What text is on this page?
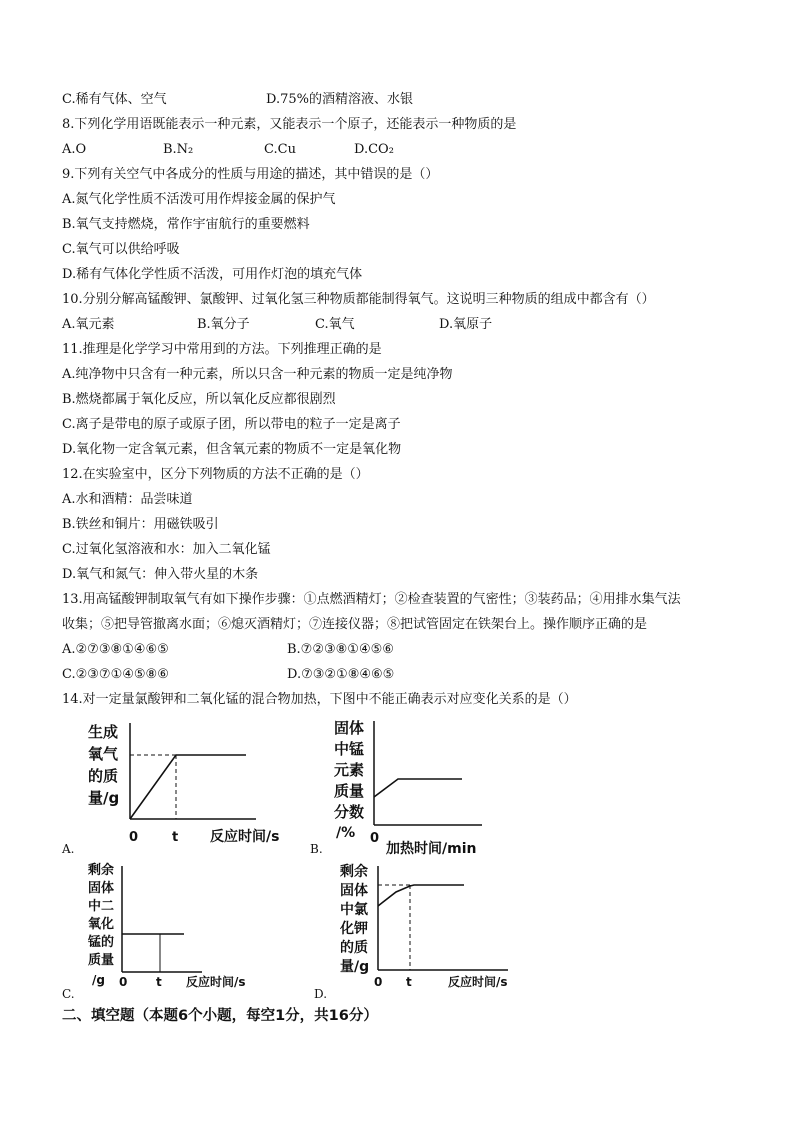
C.稀有气体、空气	D.75%的酒精溶液、水银
8.下列化学用语既能表示一种元素，又能表示一个原子，还能表示一种物质的是
A.O	B.N₂	C.Cu	D.CO₂
9.下列有关空气中各成分的性质与用途的描述，其中错误的是（）
A.氮气化学性质不活泼可用作焊接金属的保护气
B.氧气支持燃烧，常作宇宙航行的重要燃料
C.氧气可以供给呼吸
D.稀有气体化学性质不活泼，可用作灯泡的填充气体
10.分别分解高锰酸钾、氯酸钾、过氧化氢三种物质都能制得氧气。这说明三种物质的组成中都含有（）
A.氧元素	B.氧分子	C.氧气	D.氧原子
11.推理是化学学习中常用到的方法。下列推理正确的是
A.纯净物中只含有一种元素，所以只含一种元素的物质一定是纯净物
B.燃烧都属于氧化反应，所以氧化反应都很剧烈
C.离子是带电的原子或原子团，所以带电的粒子一定是离子
D.氧化物一定含氧元素，但含氧元素的物质不一定是氧化物
12.在实验室中，区分下列物质的方法不正确的是（）
A.水和酒精：品尝味道
B.铁丝和铜片：用磁铁吸引
C.过氧化氢溶液和水：加入二氧化锰
D.氧气和氮气：伸入带火星的木条
13.用高锰酸钾制取氧气有如下操作步骤：①点燃酒精灯；②检查装置的气密性；③装药品；④用排水集气法
收集；⑤把导管撤离水面；⑥熄灭酒精灯；⑦连接仪器；⑧把试管固定在铁架台上。操作顺序正确的是
A.②⑦③⑧①④⑥⑤	B.⑦②③⑧①④⑤⑥
C.②③⑦①④⑤⑧⑥	D.⑦③②①⑧④⑥⑤
14.对一定量氯酸钾和二氧化锰的混合物加热，下图中不能正确表示对应变化关系的是（）
生成
氧气
的质
量/g
0	t 反应时间/s
A.
固体
中锰
元素
质量
分数
/% 0
加热时间/min
B.
剩余
固体
中二
氧化
锰的
质量
/g 0 t 反应时间/s
C.
剩余
固体
中氯
化钾
的质
量/g
0 t	反应时间/s
D.
二、填空题（本题6个小题，每空1分，共16分）
